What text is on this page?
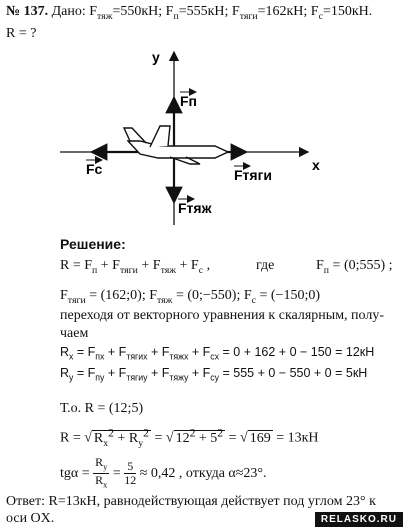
№ 137. Дано: $F_{тяж}=550кН$; $F_п=555кН$; $F_{тяги}=162кН$; $F_с=150кН$.
R = ?
y
x
Fп
Fс	Fтяги
Fтяж
Решение:
$R = F_п + F_{тяги} + F_{тяж} + F_с$ ,	где	$F_п$ = (0;555) ;
$F_{тяги}$ = (162;0); $F_{тяж}$ = (0;−550); $F_с$ = (−150;0)
переходя от векторного уравнения к скалярным, полу-
чаем
$R_x = F_{пх} + F_{тягих} + F_{тяжх} + F_{сх} = 0 + 162 + 0 - 150 = 12кН$
$R_y = F_{пy} + F_{тягиy} + F_{тяжy} + F_{сy} = 555 + 0 - 550 + 0 = 5кН$
Т.о. R = (12;5)
R = √ $R_x^2 + R_y^2$ = √ $12^2 + 5^2$ = √ 169 = 13кН
$tg\alpha = \frac{R_y}{R_x} = \frac{5}{12} \approx 0,42$ , откуда α≈23°.
Ответ: R=13кН, равнодействующая действует под углом 23° к
оси OX.	RELASKO.RU
